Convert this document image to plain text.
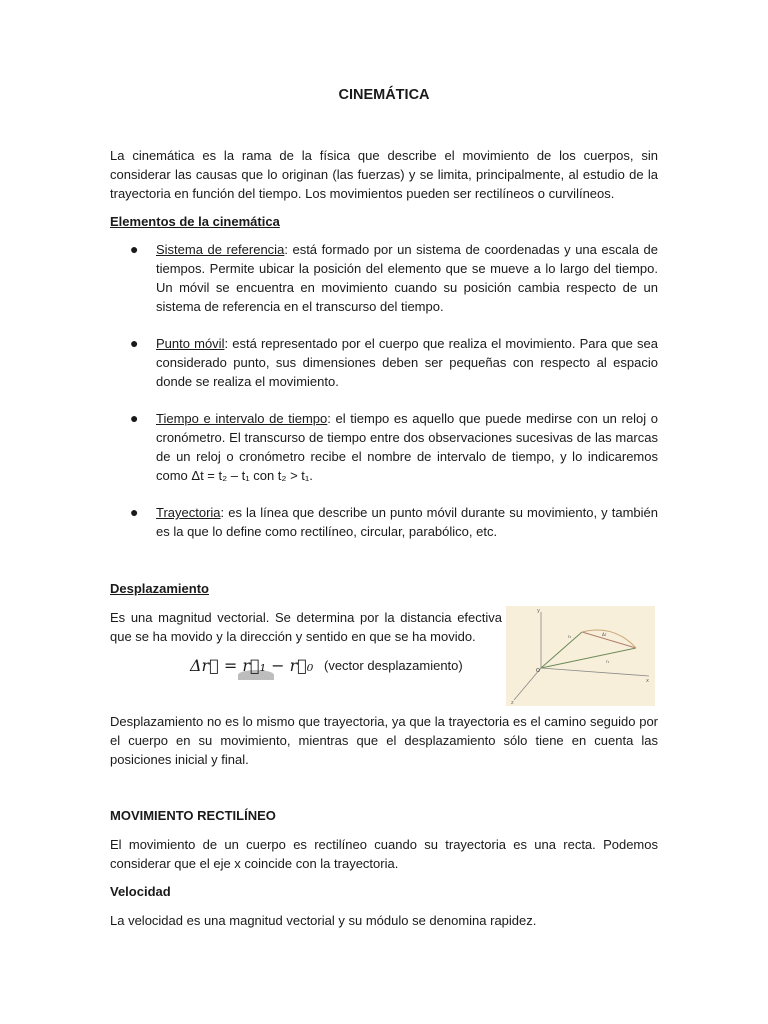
CINEMÁTICA
La cinemática es la rama de la física que describe el movimiento de los cuerpos, sin considerar las causas que lo originan (las fuerzas) y se limita, principalmente, al estudio de la trayectoria en función del tiempo. Los movimientos pueden ser rectilíneos o curvilíneos.
Elementos de la cinemática
● Sistema de referencia: está formado por un sistema de coordenadas y una escala de tiempos. Permite ubicar la posición del elemento que se mueve a lo largo del tiempo. Un móvil se encuentra en movimiento cuando su posición cambia respecto de un sistema de referencia en el transcurso del tiempo.
● Punto móvil: está representado por el cuerpo que realiza el movimiento. Para que sea considerado punto, sus dimensiones deben ser pequeñas con respecto al espacio donde se realiza el movimiento.
● Tiempo e intervalo de tiempo: el tiempo es aquello que puede medirse con un reloj o cronómetro. El transcurso de tiempo entre dos observaciones sucesivas de las marcas de un reloj o cronómetro recibe el nombre de intervalo de tiempo, y lo indicaremos como Δt = t₂ – t₁ con t₂ > t₁.
● Trayectoria: es la línea que describe un punto móvil durante su movimiento, y también es la que lo define como rectilíneo, circular, parabólico, etc.
Desplazamiento
Es una magnitud vectorial. Se determina por la distancia efectiva que se ha movido y la dirección y sentido en que se ha movido.
Δr⃗ = r⃗₁ − r⃗₀ (vector desplazamiento)
y
x
z
O
r₀
r₁
Δr
Desplazamiento no es lo mismo que trayectoria, ya que la trayectoria es el camino seguido por el cuerpo en su movimiento, mientras que el desplazamiento sólo tiene en cuenta las posiciones inicial y final.
MOVIMIENTO RECTILÍNEO
El movimiento de un cuerpo es rectilíneo cuando su trayectoria es una recta. Podemos considerar que el eje x coincide con la trayectoria.
Velocidad
La velocidad es una magnitud vectorial y su módulo se denomina rapidez.
